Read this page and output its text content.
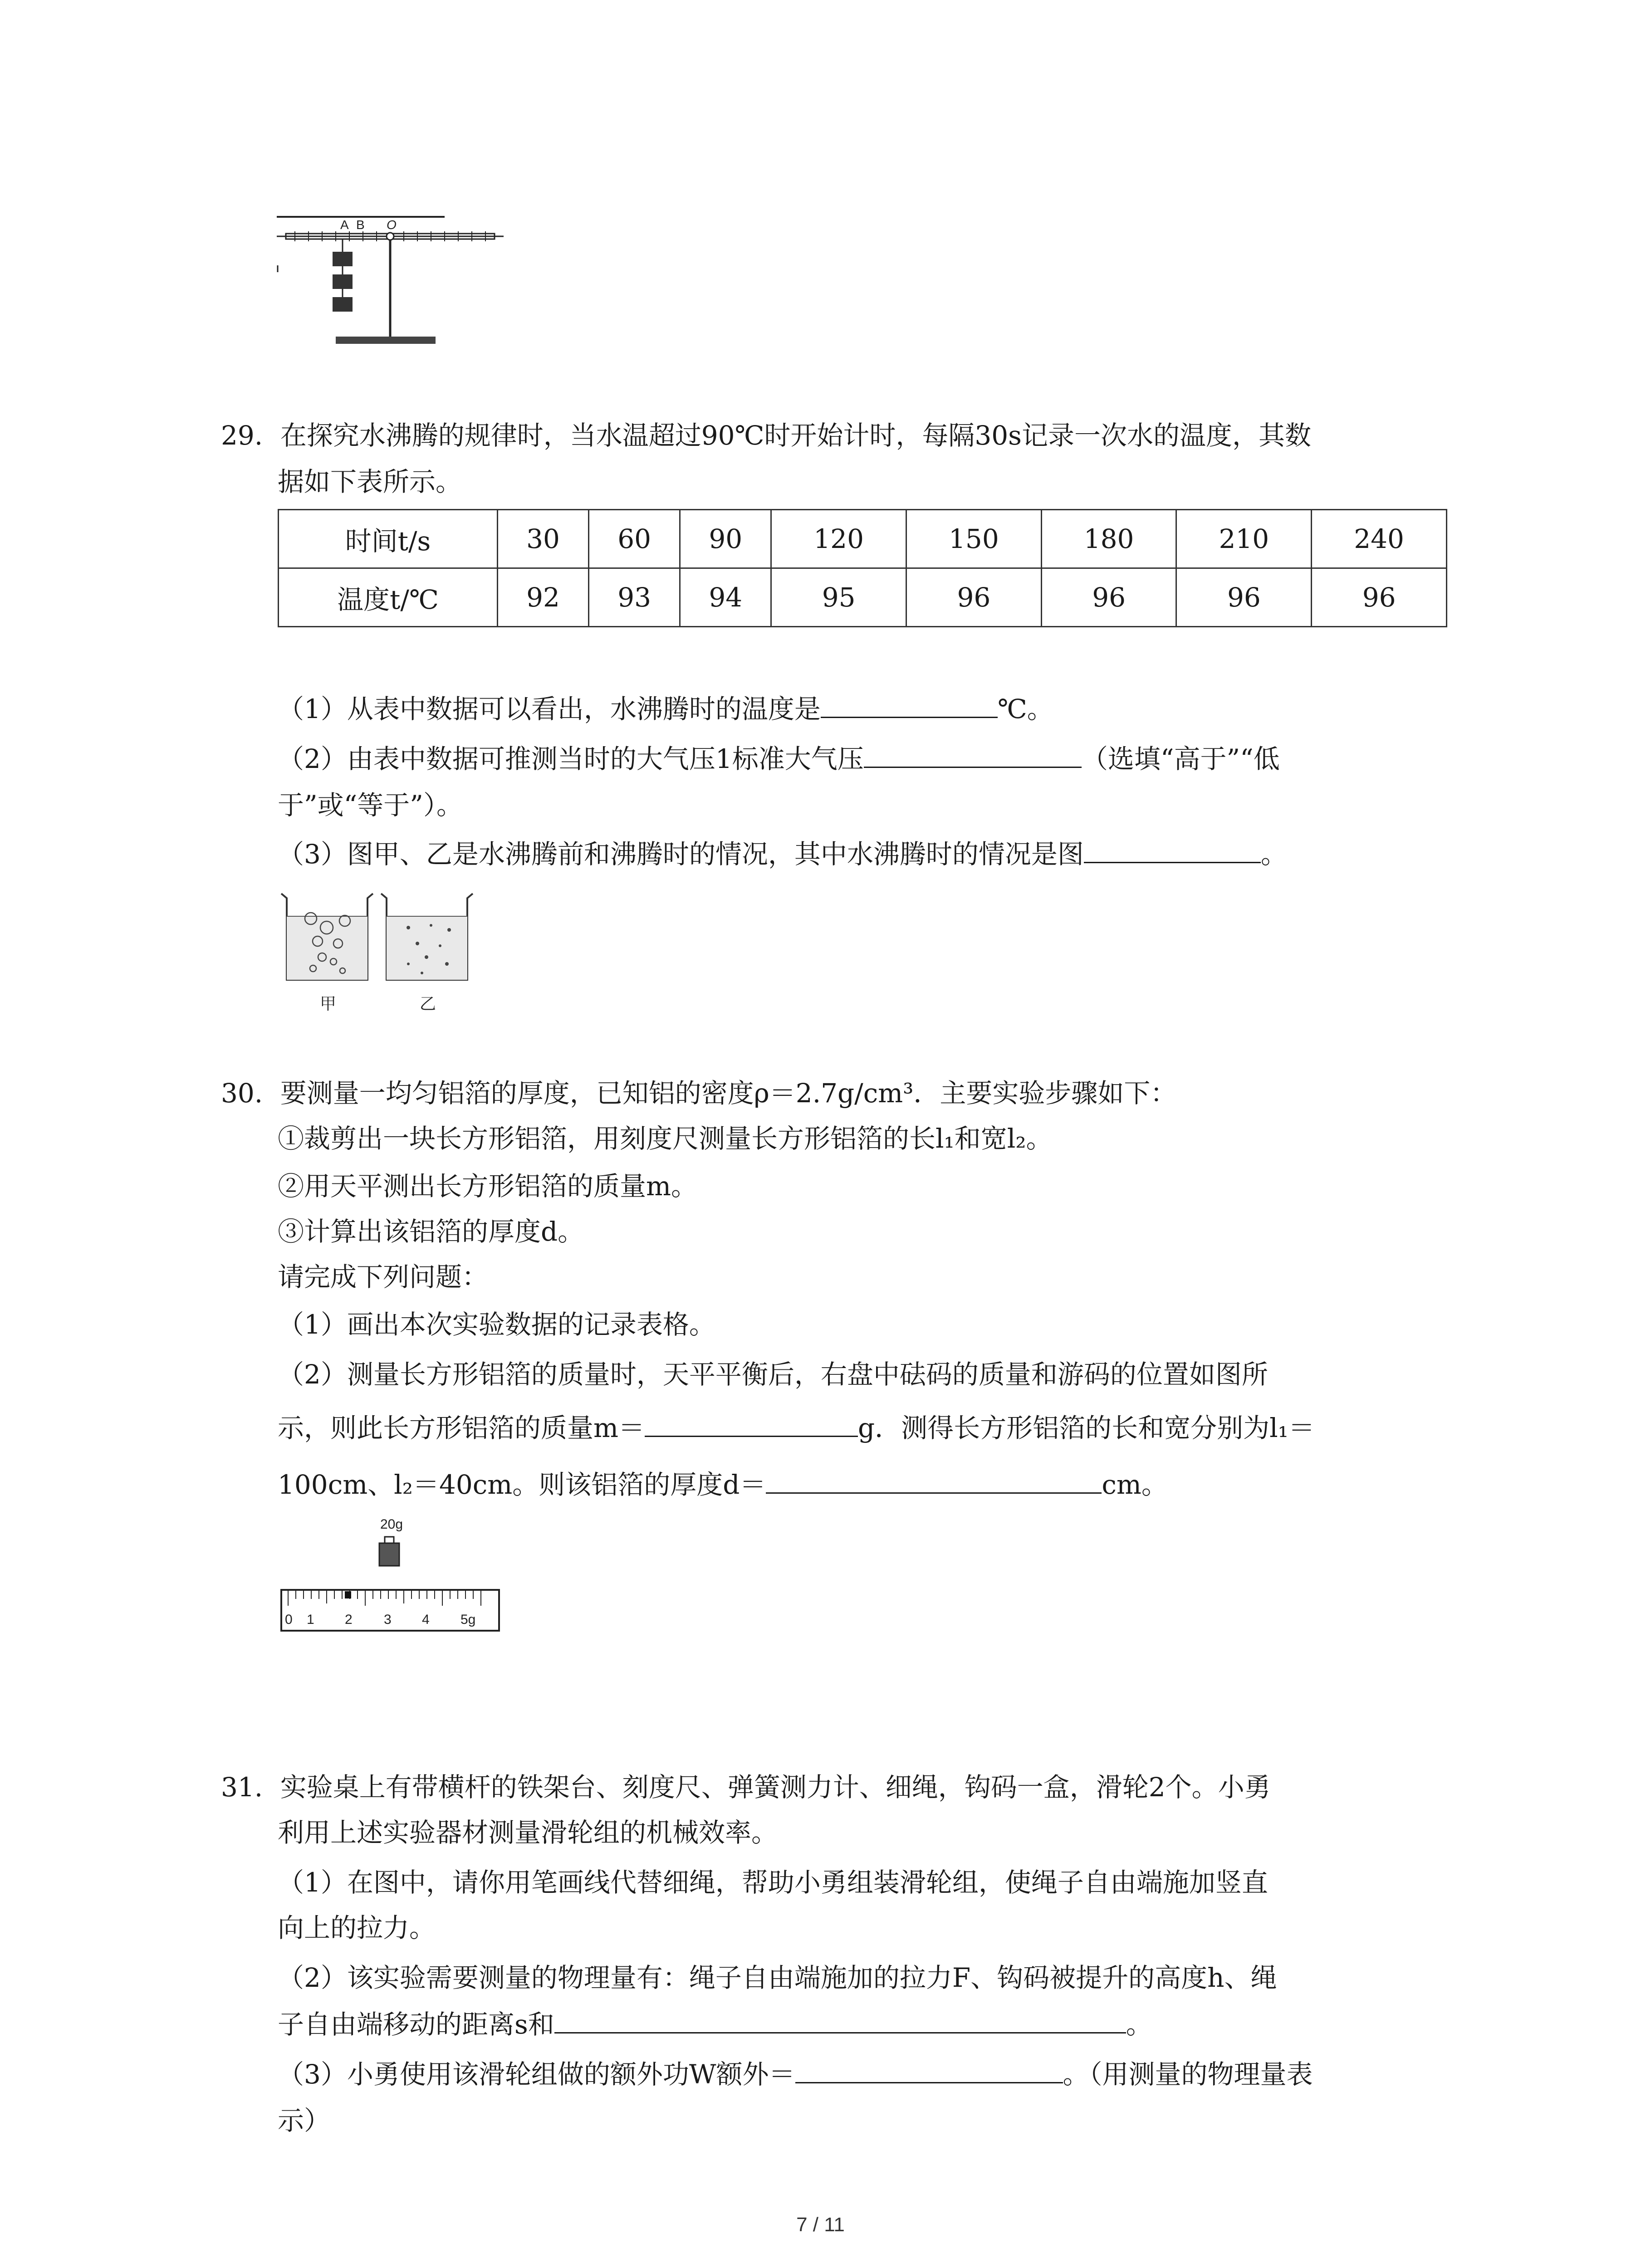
A B O
29. 在探究水沸腾的规律时，当水温超过90℃时开始计时，每隔30s记录一次水的温度，其数
据如下表所示。
时间t/s	30	60	90	120	150	180	210	240
温度t/℃	92	93	94	95	96	96	96	96
（1）从表中数据可以看出，水沸腾时的温度是	℃。
（2）由表中数据可推测当时的大气压1标准大气压	（选填“高于”“低
于”或“等于”）。
（3）图甲、乙是水沸腾前和沸腾时的情况，其中水沸腾时的情况是图	。
甲	乙
30. 要测量一均匀铝箔的厚度，已知铝的密度ρ＝2.7g/cm³．主要实验步骤如下：
①裁剪出一块长方形铝箔，用刻度尺测量长方形铝箔的长l₁和宽l₂。
②用天平测出长方形铝箔的质量m。
③计算出该铝箔的厚度d。
请完成下列问题：
（1）画出本次实验数据的记录表格。
（2）测量长方形铝箔的质量时，天平平衡后，右盘中砝码的质量和游码的位置如图所
示，则此长方形铝箔的质量m＝	g．测得长方形铝箔的长和宽分别为l₁＝
100cm、l₂＝40cm。则该铝箔的厚度d＝	cm。
20g
0 1 2 3 4 5g
31. 实验桌上有带横杆的铁架台、刻度尺、弹簧测力计、细绳，钩码一盒，滑轮2个。小勇
利用上述实验器材测量滑轮组的机械效率。
（1）在图中，请你用笔画线代替细绳，帮助小勇组装滑轮组，使绳子自由端施加竖直
向上的拉力。
（2）该实验需要测量的物理量有：绳子自由端施加的拉力F、钩码被提升的高度h、绳
子自由端移动的距离s和	。
（3）小勇使用该滑轮组做的额外功W额外＝	。（用测量的物理量表
示）
7 / 11
